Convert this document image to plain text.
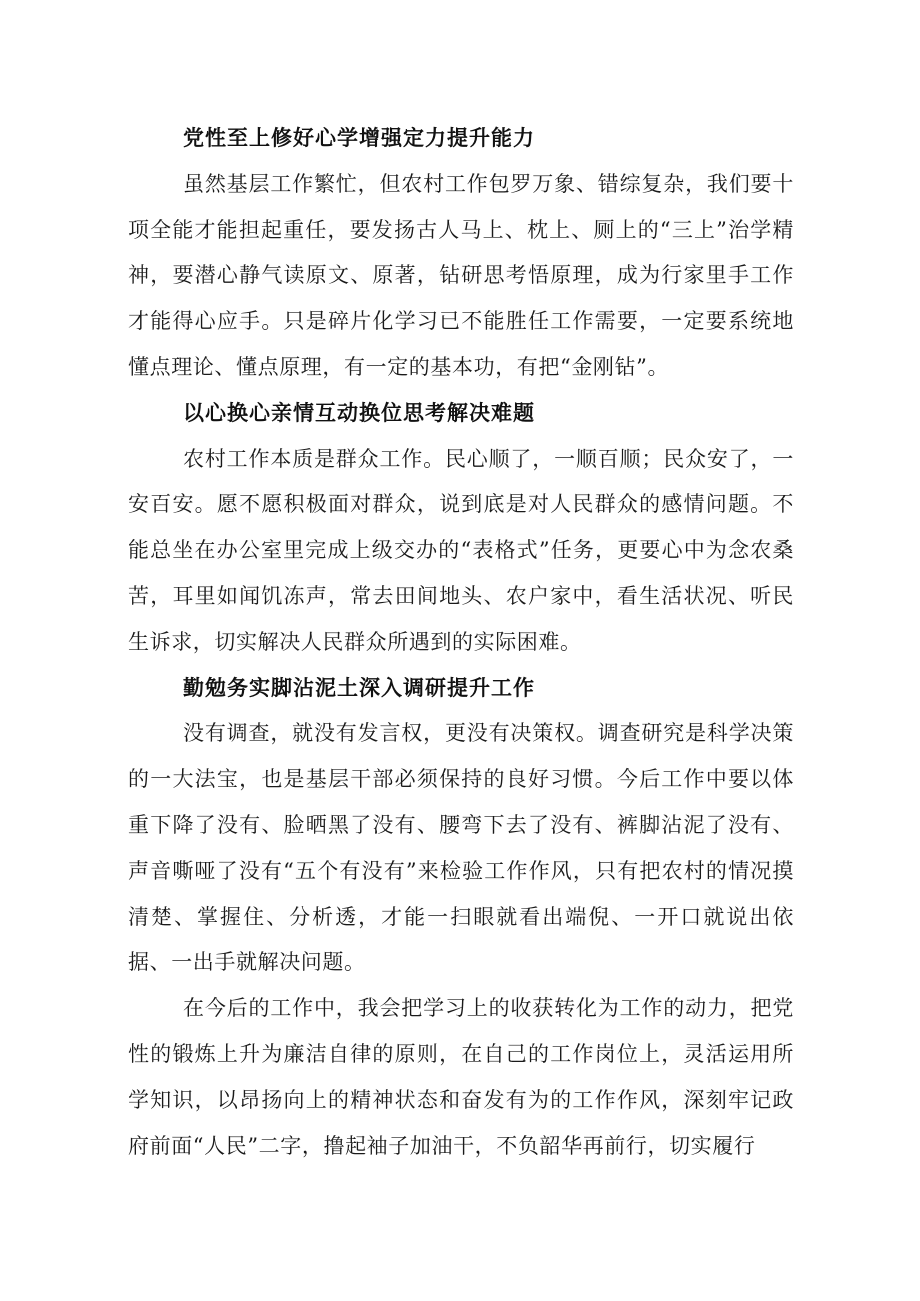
党性至上修好心学增强定力提升能力

虽然基层工作繁忙，但农村工作包罗万象、错综复杂，我们要十项全能才能担起重任，要发扬古人马上、枕上、厕上的“三上”治学精神，要潜心静气读原文、原著，钻研思考悟原理，成为行家里手工作才能得心应手。只是碎片化学习已不能胜任工作需要，一定要系统地懂点理论、懂点原理，有一定的基本功，有把“金刚钻”。

以心换心亲情互动换位思考解决难题

农村工作本质是群众工作。民心顺了，一顺百顺；民众安了，一安百安。愿不愿积极面对群众，说到底是对人民群众的感情问题。不能总坐在办公室里完成上级交办的“表格式”任务，更要心中为念农桑苦，耳里如闻饥冻声，常去田间地头、农户家中，看生活状况、听民生诉求，切实解决人民群众所遇到的实际困难。

勤勉务实脚沾泥土深入调研提升工作

没有调查，就没有发言权，更没有决策权。调查研究是科学决策的一大法宝，也是基层干部必须保持的良好习惯。今后工作中要以体重下降了没有、脸晒黑了没有、腰弯下去了没有、裤脚沾泥了没有、声音嘶哑了没有“五个有没有”来检验工作作风，只有把农村的情况摸清楚、掌握住、分析透，才能一扫眼就看出端倪、一开口就说出依据、一出手就解决问题。

在今后的工作中，我会把学习上的收获转化为工作的动力，把党性的锻炼上升为廉洁自律的原则，在自己的工作岗位上，灵活运用所学知识，以昂扬向上的精神状态和奋发有为的工作作风，深刻牢记政府前面“人民”二字，撸起袖子加油干，不负韶华再前行，切实履行
